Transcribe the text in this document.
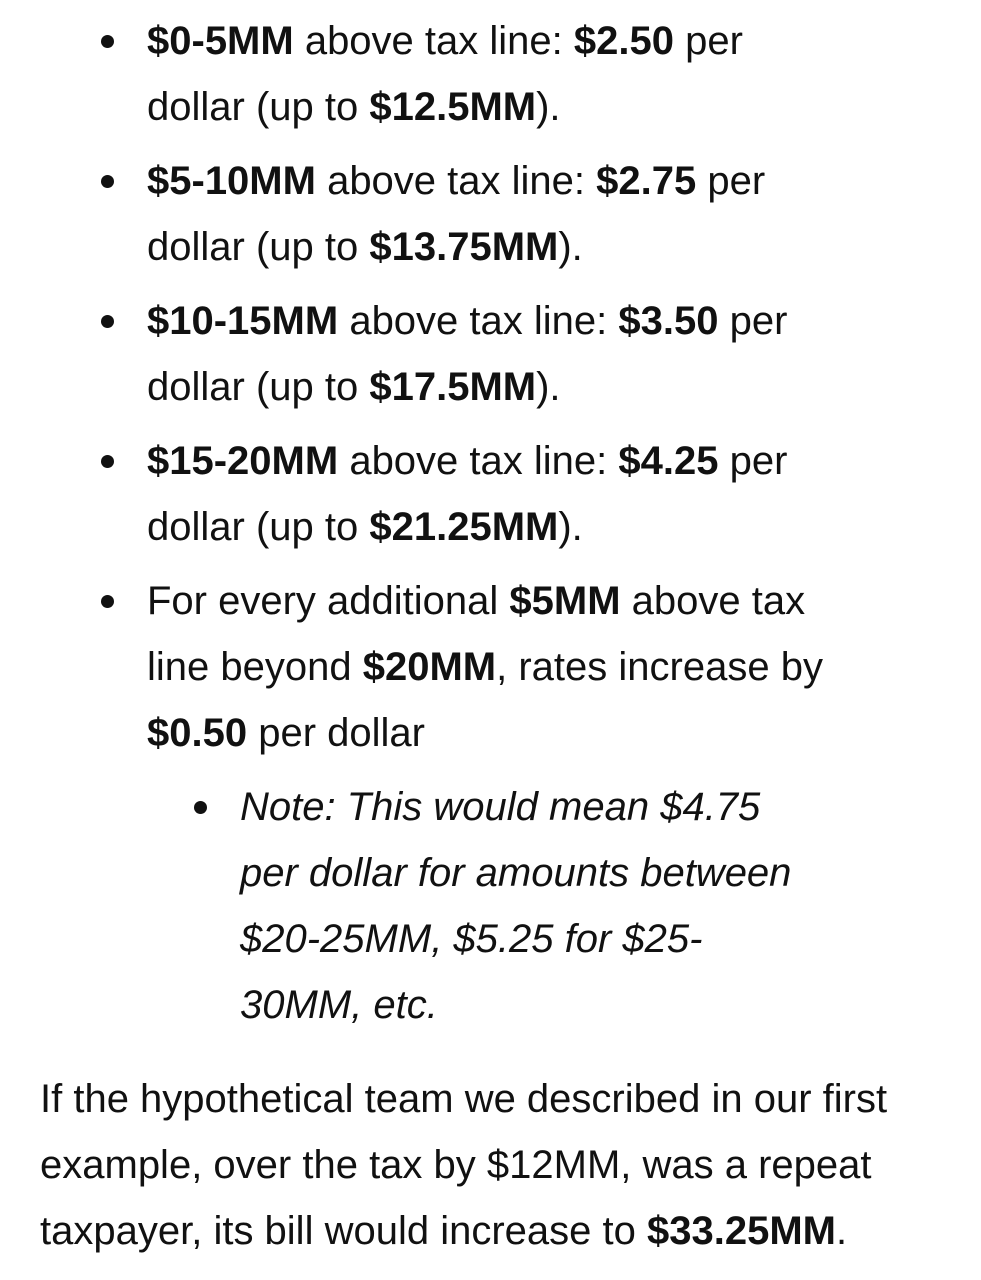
$0-5MM above tax line: $2.50 per dollar (up to $12.5MM).
$5-10MM above tax line: $2.75 per dollar (up to $13.75MM).
$10-15MM above tax line: $3.50 per dollar (up to $17.5MM).
$15-20MM above tax line: $4.25 per dollar (up to $21.25MM).
For every additional $5MM above tax line beyond $20MM, rates increase by $0.50 per dollar
Note: This would mean $4.75 per dollar for amounts between $20-25MM, $5.25 for $25-30MM, etc.

If the hypothetical team we described in our first example, over the tax by $12MM, was a repeat taxpayer, its bill would increase to $33.25MM.
